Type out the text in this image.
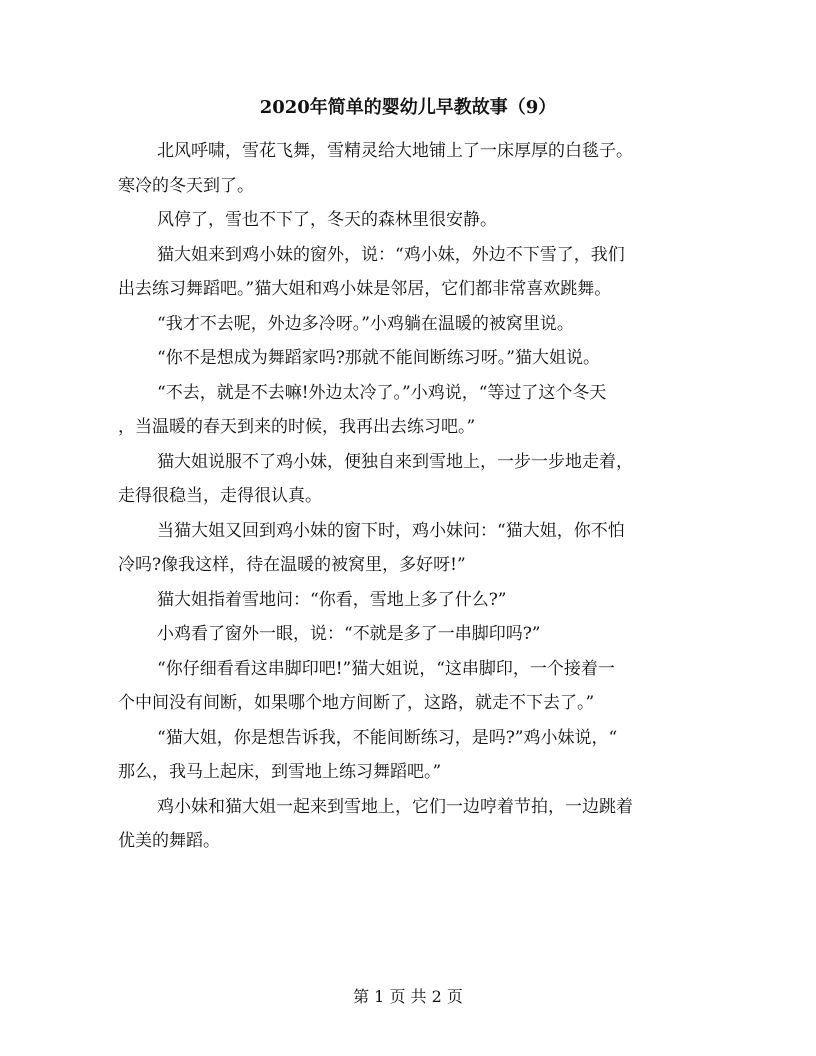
2020年简单的婴幼儿早教故事（9）
北风呼啸，雪花飞舞，雪精灵给大地铺上了一床厚厚的白毯子。
寒冷的冬天到了。
风停了，雪也不下了，冬天的森林里很安静。
猫大姐来到鸡小妹的窗外，说：“鸡小妹，外边不下雪了，我们
出去练习舞蹈吧。”猫大姐和鸡小妹是邻居，它们都非常喜欢跳舞。
“我才不去呢，外边多冷呀。”小鸡躺在温暖的被窝里说。
“你不是想成为舞蹈家吗?那就不能间断练习呀。”猫大姐说。
“不去，就是不去嘛!外边太冷了。”小鸡说，“等过了这个冬天
，当温暖的春天到来的时候，我再出去练习吧。”
猫大姐说服不了鸡小妹，便独自来到雪地上，一步一步地走着，
走得很稳当，走得很认真。
当猫大姐又回到鸡小妹的窗下时，鸡小妹问：“猫大姐，你不怕
冷吗?像我这样，待在温暖的被窝里，多好呀!”
猫大姐指着雪地问：“你看，雪地上多了什么?”
小鸡看了窗外一眼，说：“不就是多了一串脚印吗?”
“你仔细看看这串脚印吧!”猫大姐说，“这串脚印，一个接着一
个中间没有间断，如果哪个地方间断了，这路，就走不下去了。”
“猫大姐，你是想告诉我，不能间断练习，是吗?”鸡小妹说，“
那么，我马上起床，到雪地上练习舞蹈吧。”
鸡小妹和猫大姐一起来到雪地上，它们一边哼着节拍，一边跳着
优美的舞蹈。
第 1 页 共 2 页
